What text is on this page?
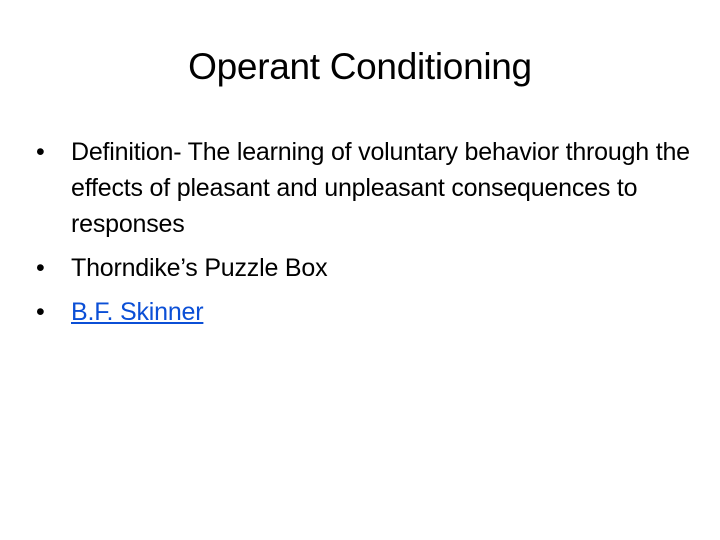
Operant Conditioning
•	Definition- The learning of voluntary behavior through the effects of pleasant and unpleasant consequences to responses
•	Thorndike’s Puzzle Box
•	B.F. Skinner
